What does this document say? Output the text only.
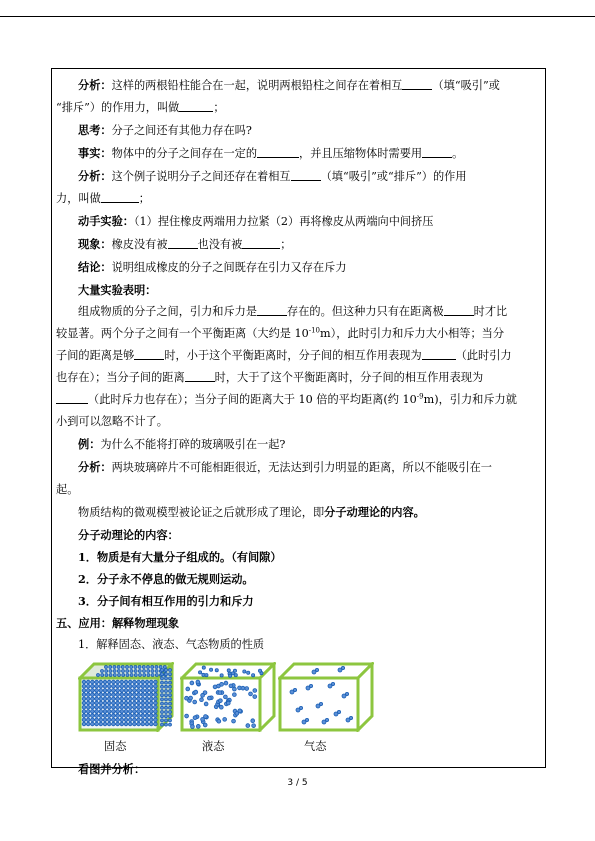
分析：这样的两根铅柱能合在一起，说明两根铅柱之间存在着相互	（填“吸引”或

“排斥”）的作用力，叫做	；

思考：分子之间还有其他力存在吗?

事实：物体中的分子之间存在一定的	，并且压缩物体时需要用	。

分析：这个例子说明分子之间还存在着相互	（填“吸引”或“排斥”）的作用

力，叫做	；

动手实验：（1）捏住橡皮两端用力拉紧（2）再将橡皮从两端向中间挤压

现象：橡皮没有被	也没有被	；

结论：说明组成橡皮的分子之间既存在引力又存在斥力

大量实验表明：

组成物质的分子之间，引力和斥力是	存在的。但这种力只有在距离极	时才比

较显著。两个分子之间有一个平衡距离（大约是 $10^{-10}m$），此时引力和斥力大小相等；当分

子间的距离是够	时，小于这个平衡距离时，分子间的相互作用表现为	（此时引力

也存在）；当分子间的距离	时，大于了这个平衡距离时，分子间的相互作用表现为

（此时斥力也存在）；当分子间的距离大于 10 倍的平均距离(约 $10^{-9}m$)，引力和斥力就

小到可以忽略不计了。

例：为什么不能将打碎的玻璃吸引在一起?

分析：两块玻璃碎片不可能相距很近，无法达到引力明显的距离，所以不能吸引在一

起。

物质结构的微观模型被论证之后就形成了理论，即分子动理论的内容。

分子动理论的内容：

1．物质是有大量分子组成的。（有间隙）

2．分子永不停息的做无规则运动。

3．分子间有相互作用的引力和斥力

五、应用：解释物理现象

1．解释固态、液态、气态物质的性质

固态	液态	气态

看图并分析：

3 / 5
